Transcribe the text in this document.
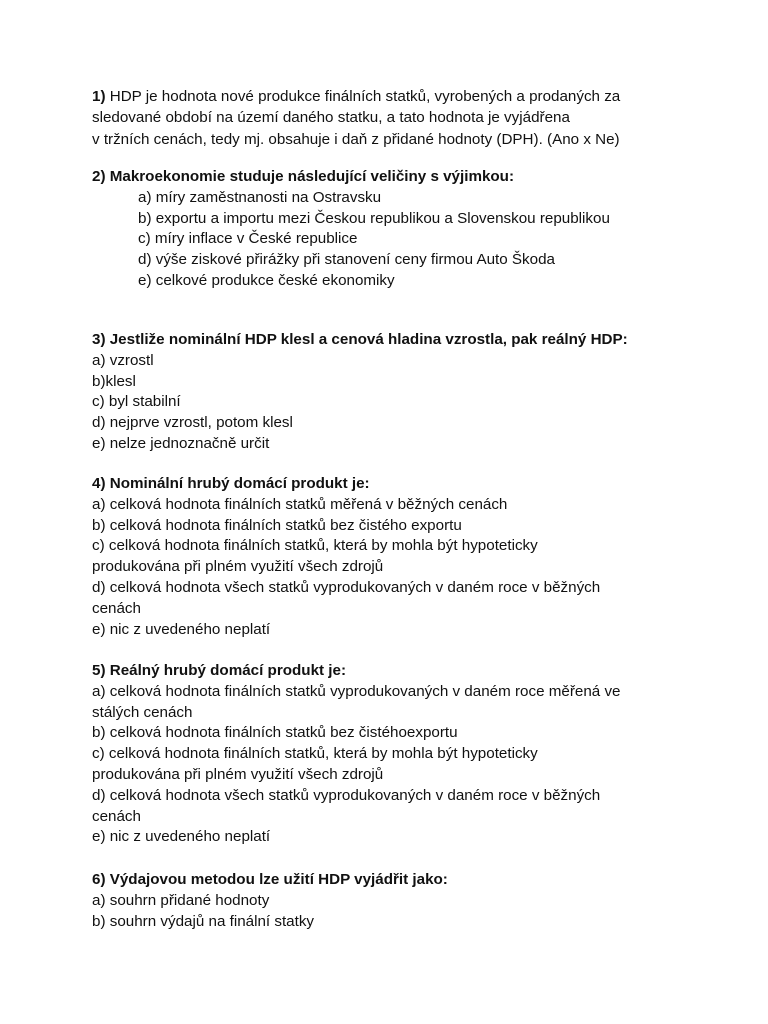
1) HDP je hodnota nové produkce finálních statků, vyrobených a prodaných za
sledované období na území daného statku, a tato hodnota je vyjádřena
v tržních cenách, tedy mj. obsahuje i daň z přidané hodnoty (DPH). (Ano x Ne)
2) Makroekonomie studuje následující veličiny s výjimkou:
a) míry zaměstnanosti na Ostravsku
b) exportu a importu mezi Českou republikou a Slovenskou republikou
c) míry inflace v České republice
d) výše ziskové přirážky při stanovení ceny firmou Auto Škoda
e) celkové produkce české ekonomiky
3) Jestliže nominální HDP klesl a cenová hladina vzrostla, pak reálný HDP:
a) vzrostl
b)klesl
c) byl stabilní
d) nejprve vzrostl, potom klesl
e) nelze jednoznačně určit
4) Nominální hrubý domácí produkt je:
a) celková hodnota finálních statků měřená v běžných cenách
b) celková hodnota finálních statků bez čistého exportu
c) celková hodnota finálních statků, která by mohla být hypoteticky
produkována při plném využití všech zdrojů
d) celková hodnota všech statků vyprodukovaných v daném roce v běžných
cenách
e) nic z uvedeného neplatí
5) Reálný hrubý domácí produkt je:
a) celková hodnota finálních statků vyprodukovaných v daném roce měřená ve
stálých cenách
b) celková hodnota finálních statků bez čistéhoexportu
c) celková hodnota finálních statků, která by mohla být hypoteticky
produkována při plném využití všech zdrojů
d) celková hodnota všech statků vyprodukovaných v daném roce v běžných
cenách
e) nic z uvedeného neplatí
6) Výdajovou metodou lze užití HDP vyjádřit jako:
a) souhrn přidané hodnoty
b) souhrn výdajů na finální statky
